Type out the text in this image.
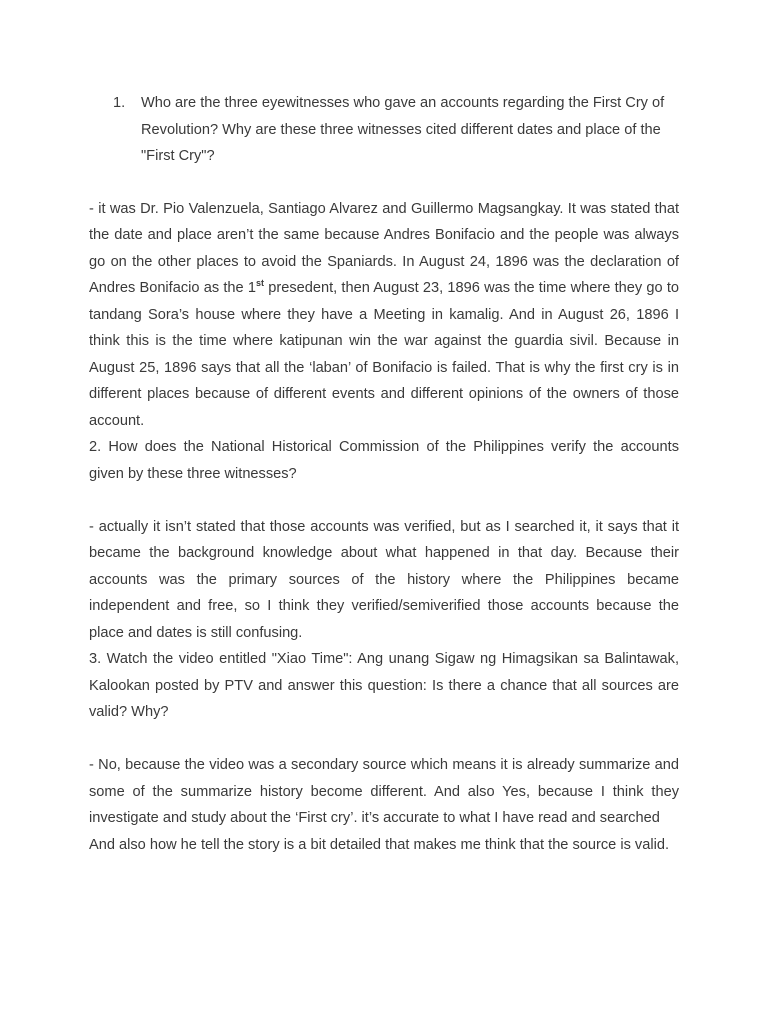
1. Who are the three eyewitnesses who gave an accounts regarding the First Cry of Revolution? Why are these three witnesses cited different dates and place of the "First Cry"?

- it was Dr. Pio Valenzuela, Santiago Alvarez and Guillermo Magsangkay. It was stated that the date and place aren’t the same because Andres Bonifacio and the people was always go on the other places to avoid the Spaniards. In August 24, 1896 was the declaration of Andres Bonifacio as the 1st presedent, then August 23, 1896 was the time where they go to tandang Sora’s house where they have a Meeting in kamalig. And in August 26, 1896 I think this is the time where katipunan win the war against the guardia sivil. Because in August 25, 1896 says that all the ‘laban’ of Bonifacio is failed. That is why the first cry is in different places because of different events and different opinions of the owners of those account.

2. How does the National Historical Commission of the Philippines verify the accounts given by these three witnesses?

- actually it isn’t stated that those accounts was verified, but as I searched it, it says that it became the background knowledge about what happened in that day. Because their accounts was the primary sources of the history where the Philippines became independent and free, so I think they verified/semiverified those accounts because the place and dates is still confusing.

3. Watch the video entitled "Xiao Time": Ang unang Sigaw ng Himagsikan sa Balintawak, Kalookan posted by PTV and answer this question: Is there a chance that all sources are valid? Why?

- No, because the video was a secondary source which means it is already summarize and some of the summarize history become different. And also Yes, because I think they investigate and study about the ‘First cry’. it’s accurate to what I have read and searched

And also how he tell the story is a bit detailed that makes me think that the source is valid.
